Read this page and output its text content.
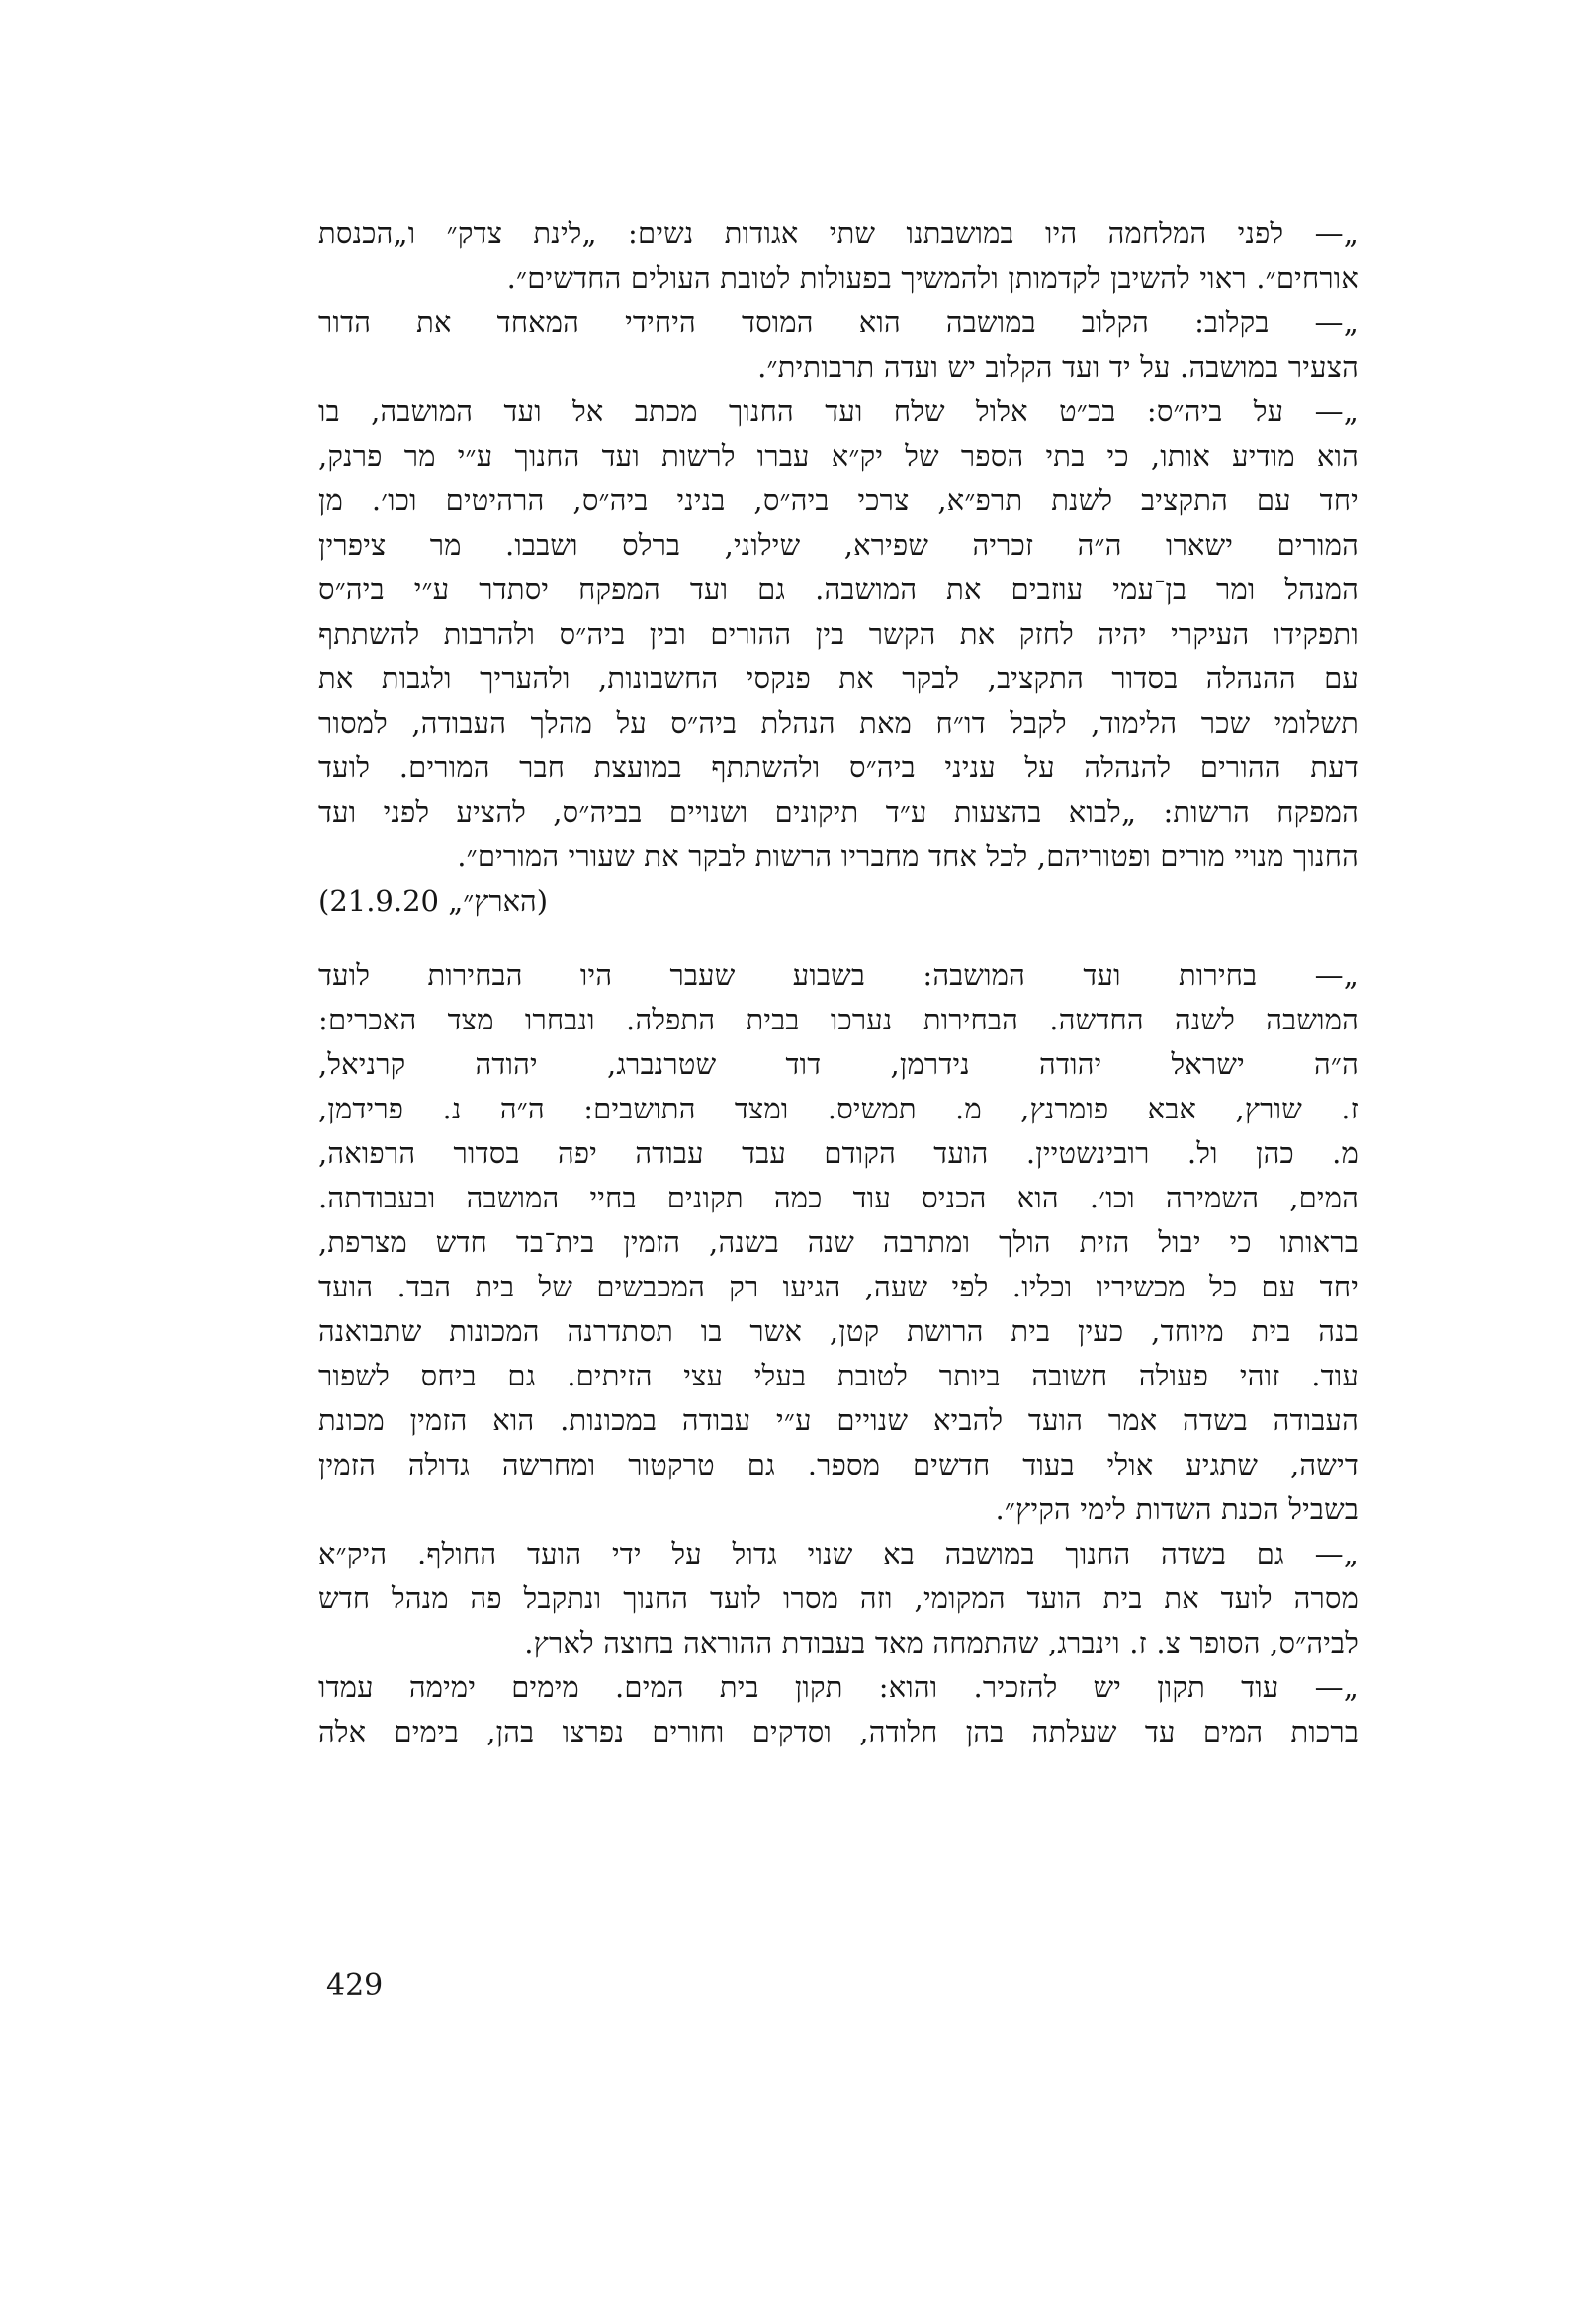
„— לפני המלחמה היו במושבתנו שתי אגודות נשים: „לינת צדק״ ו„הכנסת
אורחים״. ראוי להשיבן לקדמותן ולהמשיך בפעולות לטובת העולים החדשים״.
„— בקלוב: הקלוב במושבה הוא המוסד היחידי המאחד את הדור
הצעיר במושבה. על יד ועד הקלוב יש ועדה תרבותית״.
„— על ביה״ס: בכ״ט אלול שלח ועד החנוך מכתב אל ועד המושבה, בו
הוא מודיע אותו, כי בתי הספר של יק״א עברו לרשות ועד החנוך ע״י מר פרנק,
יחד עם התקציב לשנת תרפ״א, צרכי ביה״ס, בניני ביה״ס, הרהיטים וכו׳. מן
המורים ישארו ה״ה זכריה שפירא, שילוני, ברלס ושבבו. מר ציפרין
המנהל ומר בן־עמי עוזבים את המושבה. גם ועד המפקח יסתדר ע״י ביה״ס
ותפקידו העיקרי יהיה לחזק את הקשר בין ההורים ובין ביה״ס ולהרבות להשתתף
עם ההנהלה בסדור התקציב, לבקר את פנקסי החשבונות, ולהעריך ולגבות את
תשלומי שכר הלימוד, לקבל דו״ח מאת הנהלת ביה״ס על מהלך העבודה, למסור
דעת ההורים להנהלה על עניני ביה״ס ולהשתתף במועצת חבר המורים. לועד
המפקח הרשות: „לבוא בהצעות ע״ד תיקונים ושנויים בביה״ס, להציע לפני ועד
החנוך מנויי מורים ופטוריהם, לכל אחד מחבריו הרשות לבקר את שעורי המורים״.
(21.9.20 „הארץ״)
„— בחירות ועד המושבה: בשבוע שעבר היו הבחירות לועד
המושבה לשנה החדשה. הבחירות נערכו בבית התפלה. ונבחרו מצד האכרים:
ה״ה ישראל יהודה נידרמן, דוד שטרנברג, יהודה קרניאל,
ז. שורץ, אבא פומרנץ, מ. תמשיס. ומצד התושבים: ה״ה נ. פרידמן,
מ. כהן ול. רובינשטיין. הועד הקודם עבד עבודה יפה בסדור הרפואה,
המים, השמירה וכו׳. הוא הכניס עוד כמה תקונים בחיי המושבה ובעבודתה.
בראותו כי יבול הזית הולך ומתרבה שנה בשנה, הזמין בית־בד חדש מצרפת,
יחד עם כל מכשיריו וכליו. לפי שעה, הגיעו רק המכבשים של בית הבד. הועד
בנה בית מיוחד, כעין בית הרושת קטן, אשר בו תסתדרנה המכונות שתבואנה
עוד. זוהי פעולה חשובה ביותר לטובת בעלי עצי הזיתים. גם ביחס לשפור
העבודה בשדה אמר הועד להביא שנויים ע״י עבודה במכונות. הוא הזמין מכונת
דישה, שתגיע אולי בעוד חדשים מספר. גם טרקטור ומחרשה גדולה הזמין
בשביל הכנת השדות לימי הקיץ״.
„— גם בשדה החנוך במושבה בא שנוי גדול על ידי הועד החולף. היק״א
מסרה לועד את בית הועד המקומי, וזה מסרו לועד החנוך ונתקבל פה מנהל חדש
לביה״ס, הסופר צ. ז. וינברג, שהתמחה מאד בעבודת ההוראה בחוצה לארץ.
„— עוד תקון יש להזכיר. והוא: תקון בית המים. מימים ימימה עמדו
ברכות המים עד שעלתה בהן חלודה, וסדקים וחורים נפרצו בהן, בימים אלה
429
